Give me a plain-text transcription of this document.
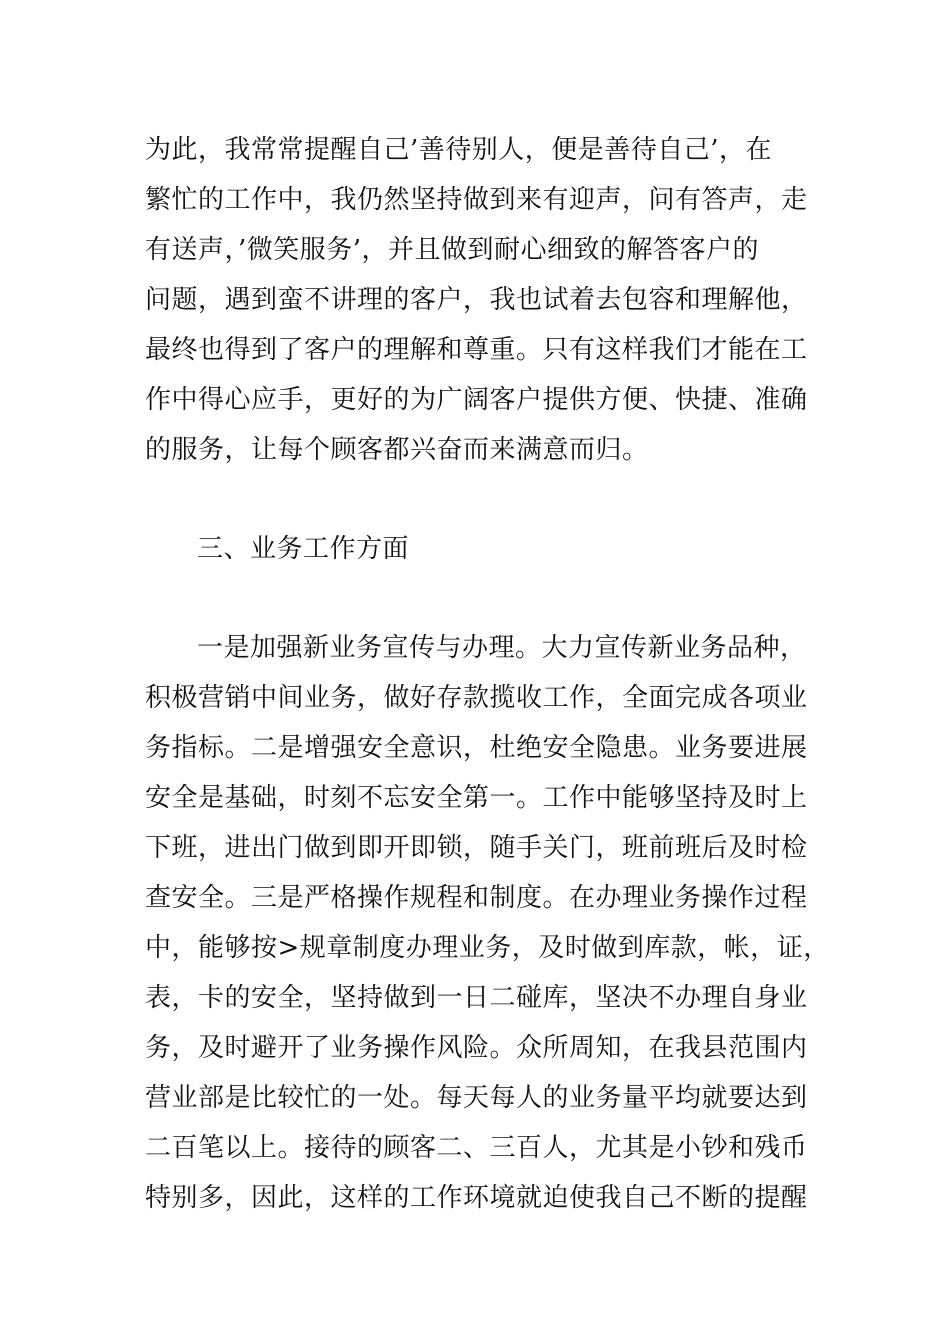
为此，我常常提醒自己’善待别人，便是善待自己’，在

繁忙的工作中，我仍然坚持做到来有迎声，问有答声，走

有送声，’微笑服务’，并且做到耐心细致的解答客户的

问题，遇到蛮不讲理的客户，我也试着去包容和理解他，

最终也得到了客户的理解和尊重。只有这样我们才能在工

作中得心应手，更好的为广阔客户提供方便、快捷、准确

的服务，让每个顾客都兴奋而来满意而归。

三、业务工作方面

一是加强新业务宣传与办理。大力宣传新业务品种，

积极营销中间业务，做好存款揽收工作，全面完成各项业

务指标。二是增强安全意识，杜绝安全隐患。业务要进展

安全是基础，时刻不忘安全第一。工作中能够坚持及时上

下班，进出门做到即开即锁，随手关门，班前班后及时检

查安全。三是严格操作规程和制度。在办理业务操作过程

中，能够按>规章制度办理业务，及时做到库款，帐，证，

表，卡的安全，坚持做到一日二碰库，坚决不办理自身业

务，及时避开了业务操作风险。众所周知，在我县范围内

营业部是比较忙的一处。每天每人的业务量平均就要达到

二百笔以上。接待的顾客二、三百人，尤其是小钞和残币

特别多，因此，这样的工作环境就迫使我自己不断的提醒
